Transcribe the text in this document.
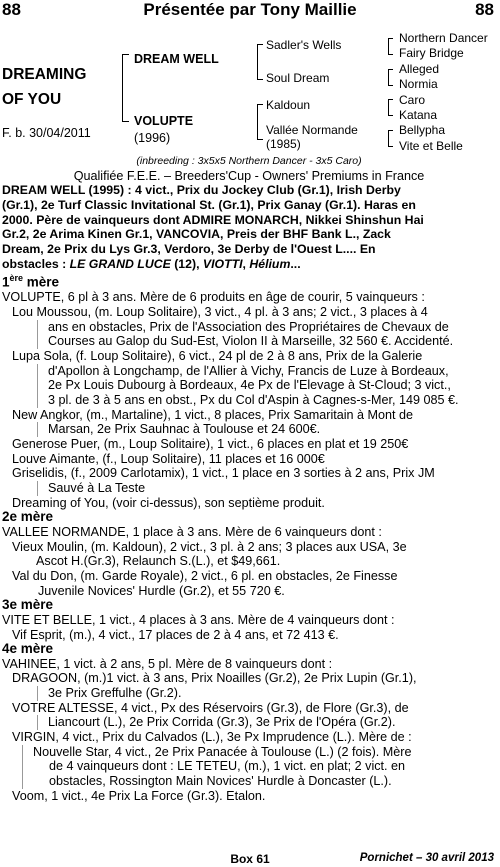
88	Présentée par Tony Maillie	88
DREAMING
OF YOU
F. b. 30/04/2011
DREAM WELL
VOLUPTE
(1996)
Sadler's Wells
Soul Dream
Kaldoun
Vallée Normande
(1985)
Northern Dancer
Fairy Bridge
Alleged
Normia
Caro
Katana
Bellypha
Vite et Belle

(inbreeding : 3x5x5 Northern Dancer - 3x5 Caro)

Qualifiée F.E.E. – Breeders'Cup - Owners' Premiums in France

DREAM WELL (1995) : 4 vict., Prix du Jockey Club (Gr.1), Irish Derby
(Gr.1), 2e Turf Classic Invitational St. (Gr.1), Prix Ganay (Gr.1). Haras en
2000. Père de vainqueurs dont ADMIRE MONARCH, Nikkei Shinshun Hai
Gr.2, 2e Arima Kinen Gr.1, VANCOVIA, Preis der BHF Bank L., Zack
Dream, 2e Prix du Lys Gr.3, Verdoro, 3e Derby de l'Ouest L.... En
obstacles : LE GRAND LUCE (12), VIOTTI, Hélium...

1ère mère

VOLUPTE, 6 pl à 3 ans. Mère de 6 produits en âge de courir, 5 vainqueurs :

Lou Moussou, (m. Loup Solitaire), 3 vict., 4 pl. à 3 ans; 2 vict., 3 places à 4
ans en obstacles, Prix de l'Association des Propriétaires de Chevaux de
Courses au Galop du Sud-Est, Violon II à Marseille, 32 560 €. Accidenté.
Lupa Sola, (f. Loup Solitaire), 6 vict., 24 pl de 2 à 8 ans, Prix de la Galerie
d'Apollon à Longchamp, de l'Allier à Vichy, Francis de Luze à Bordeaux,
2e Px Louis Dubourg à Bordeaux, 4e Px de l'Elevage à St-Cloud; 3 vict.,
3 pl. de 3 à 5 ans en obst., Px du Col d'Aspin à Cagnes-s-Mer, 149 085 €.
New Angkor, (m., Martaline), 1 vict., 8 places, Prix Samaritain à Mont de
Marsan, 2e Prix Sauhnac à Toulouse et 24 600€.
Generose Puer, (m., Loup Solitaire), 1 vict., 6 places en plat et 19 250€
Louve Aimante, (f., Loup Solitaire), 11 places et 16 000€
Griselidis, (f., 2009 Carlotamix), 1 vict., 1 place en 3 sorties à 2 ans, Prix JM
Sauvé à La Teste
Dreaming of You, (voir ci-dessus), son septième produit.

2e mère

VALLEE NORMANDE, 1 place à 3 ans. Mère de 6 vainqueurs dont :

Vieux Moulin, (m. Kaldoun), 2 vict., 3 pl. à 2 ans; 3 places aux USA, 3e
Ascot H.(Gr.3), Relaunch S.(L.), et $49,661.
Val du Don, (m. Garde Royale), 2 vict., 6 pl. en obstacles, 2e Finesse
Juvenile Novices' Hurdle (Gr.2), et 55 720 €.

3e mère

VITE ET BELLE, 1 vict., 4 places à 3 ans. Mère de 4 vainqueurs dont :

Vif Esprit, (m.), 4 vict., 17 places de 2 à 4 ans, et 72 413 €.

4e mère

VAHINEE, 1 vict. à 2 ans, 5 pl. Mère de 8 vainqueurs dont :

DRAGOON, (m.)1 vict. à 3 ans, Prix Noailles (Gr.2), 2e Prix Lupin (Gr.1),
3e Prix Greffulhe (Gr.2).
VOTRE ALTESSE, 4 vict., Px des Réservoirs (Gr.3), de Flore (Gr.3), de
Liancourt (L.), 2e Prix Corrida (Gr.3), 3e Prix de l'Opéra (Gr.2).
VIRGIN, 4 vict., Prix du Calvados (L.), 3e Px Imprudence (L.). Mère de :
Nouvelle Star, 4 vict., 2e Prix Panacée à Toulouse (L.) (2 fois). Mère
de 4 vainqueurs dont : LE TETEU, (m.), 1 vict. en plat; 2 vict. en
obstacles, Rossington Main Novices' Hurdle à Doncaster (L.).
Voom, 1 vict., 4e Prix La Force (Gr.3). Etalon.
Box 61	Pornichet – 30 avril 2013
